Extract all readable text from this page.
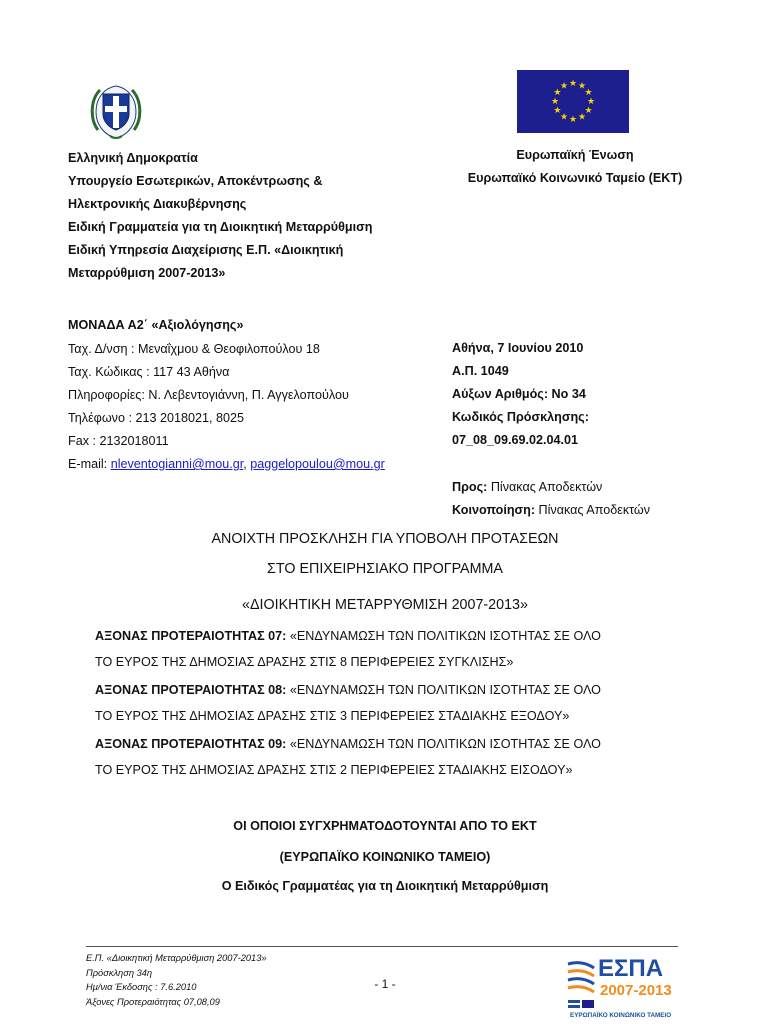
★ ★
★
★
★
★
★
★
★
★
★
★
Ελληνική Δημοκρατία
Υπουργείο Εσωτερικών, Αποκέντρωσης &
Ηλεκτρονικής Διακυβέρνησης
Ειδική Γραμματεία για τη Διοικητική Μεταρρύθμιση
Ειδική Υπηρεσία Διαχείρισης Ε.Π. «Διοικητική
Μεταρρύθμιση 2007-2013»
Ευρωπαϊκή Ένωση
Ευρωπαϊκό Κοινωνικό Ταμείο (ΕΚΤ)
ΜΟΝΑΔΑ Α2΄ «Αξιολόγησης»
Ταχ. Δ/νση : Μεναΐχμου & Θεοφιλοπούλου 18
Ταχ. Κώδικας : 117 43 Αθήνα
Πληροφορίες: Ν. Λεβεντογιάννη, Π. Αγγελοπούλου
Τηλέφωνο : 213 2018021, 8025
Fax : 2132018011
E-mail: nleventogianni@mou.gr, paggelopoulou@mou.gr
Αθήνα, 7 Ιουνίου 2010
Α.Π. 1049
Αύξων Αριθμός: Νο 34
Κωδικός Πρόσκλησης:
07_08_09.69.02.04.01
Προς: Πίνακας Αποδεκτών
Κοινοποίηση: Πίνακας Αποδεκτών
ΑΝΟΙΧΤΗ ΠΡΟΣΚΛΗΣΗ ΓΙΑ ΥΠΟΒΟΛΗ ΠΡΟΤΑΣΕΩΝ
ΣΤΟ ΕΠΙΧΕΙΡΗΣΙΑΚΟ ΠΡΟΓΡΑΜΜΑ
«ΔΙΟΙΚΗΤΙΚΗ ΜΕΤΑΡΡΥΘΜΙΣΗ 2007-2013»
ΑΞΟΝΑΣ ΠΡΟΤΕΡΑΙΟΤΗΤΑΣ 07: «ΕΝΔΥΝΑΜΩΣΗ ΤΩΝ ΠΟΛΙΤΙΚΩΝ ΙΣΟΤΗΤΑΣ ΣΕ ΟΛΟ
ΤΟ ΕΥΡΟΣ ΤΗΣ ΔΗΜΟΣΙΑΣ ΔΡΑΣΗΣ ΣΤΙΣ 8 ΠΕΡΙΦΕΡΕΙΕΣ ΣΥΓΚΛΙΣΗΣ»
ΑΞΟΝΑΣ ΠΡΟΤΕΡΑΙΟΤΗΤΑΣ 08: «ΕΝΔΥΝΑΜΩΣΗ ΤΩΝ ΠΟΛΙΤΙΚΩΝ ΙΣΟΤΗΤΑΣ ΣΕ ΟΛΟ
ΤΟ ΕΥΡΟΣ ΤΗΣ ΔΗΜΟΣΙΑΣ ΔΡΑΣΗΣ ΣΤΙΣ 3 ΠΕΡΙΦΕΡΕΙΕΣ ΣΤΑΔΙΑΚΗΣ ΕΞΟΔΟΥ»
ΑΞΟΝΑΣ ΠΡΟΤΕΡΑΙΟΤΗΤΑΣ 09: «ΕΝΔΥΝΑΜΩΣΗ ΤΩΝ ΠΟΛΙΤΙΚΩΝ ΙΣΟΤΗΤΑΣ ΣΕ ΟΛΟ
ΤΟ ΕΥΡΟΣ ΤΗΣ ΔΗΜΟΣΙΑΣ ΔΡΑΣΗΣ ΣΤΙΣ 2 ΠΕΡΙΦΕΡΕΙΕΣ ΣΤΑΔΙΑΚΗΣ ΕΙΣΟΔΟΥ»
ΟΙ ΟΠΟΙΟΙ ΣΥΓΧΡΗΜΑΤΟΔΟΤΟΥΝΤΑΙ ΑΠΟ ΤΟ ΕΚΤ
(ΕΥΡΩΠΑΪΚΟ ΚΟΙΝΩΝΙΚΟ ΤΑΜΕΙΟ)
Ο Ειδικός Γραμματέας για τη Διοικητική Μεταρρύθμιση
Ε.Π. «Διοικητική Μεταρρύθμιση 2007-2013»
Πρόσκληση 34η
Ημ/νια Έκδοσης : 7.6.2010
Άξονες Προτεραιότητας 07,08,09
- 1 -
ΕΣΠΑ
2007-2013
ΕΥΡΩΠΑΪΚΟ ΚΟΙΝΩΝΙΚΟ ΤΑΜΕΙΟ
